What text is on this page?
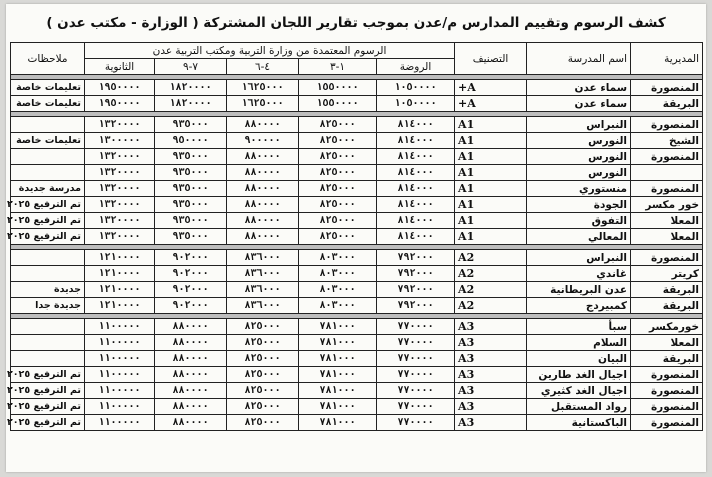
كشف الرسوم وتقييم المدارس م/عدن بموجب تقارير اللجان المشتركة ( الوزارة - مكتب عدن )
المديرية	اسم المدرسة	التصنيف	الرسوم المعتمدة من وزارة التربية ومكتب التربية عدن					ملاحظات
			الروضة	١-٣	٤-٦	٧-٩	الثانوية	

المنصورة	سماء عدن	A+	١٠٥٠٠٠٠	١٥٥٠٠٠٠	١٦٢٥٠٠٠	١٨٢٠٠٠٠	١٩٥٠٠٠٠	تعليمات خاصة
البريقة	سماء عدن	A+	١٠٥٠٠٠٠	١٥٥٠٠٠٠	١٦٢٥٠٠٠	١٨٢٠٠٠٠	١٩٥٠٠٠٠	تعليمات خاصة

المنصورة	النبراس	A1	٨١٤٠٠٠	٨٢٥٠٠٠	٨٨٠٠٠٠	٩٣٥٠٠٠	١٣٢٠٠٠٠	
الشيخ	النورس	A1	٨١٤٠٠٠	٨٢٥٠٠٠	٩٠٠٠٠٠	٩٥٠٠٠٠	١٣٠٠٠٠٠	تعليمات خاصة
المنصورة	النورس	A1	٨١٤٠٠٠	٨٢٥٠٠٠	٨٨٠٠٠٠	٩٣٥٠٠٠	١٣٢٠٠٠٠	
	النورس	A1	٨١٤٠٠٠	٨٢٥٠٠٠	٨٨٠٠٠٠	٩٣٥٠٠٠	١٣٢٠٠٠٠	
المنصورة	منستوري	A1	٨١٤٠٠٠	٨٢٥٠٠٠	٨٨٠٠٠٠	٩٣٥٠٠٠	١٣٢٠٠٠٠	مدرسة جديدة
خور مكسر	الجودة	A1	٨١٤٠٠٠	٨٢٥٠٠٠	٨٨٠٠٠٠	٩٣٥٠٠٠	١٣٢٠٠٠٠	تم الترفيع ٢٠٢٥
المعلا	التفوق	A1	٨١٤٠٠٠	٨٢٥٠٠٠	٨٨٠٠٠٠	٩٣٥٠٠٠	١٣٢٠٠٠٠	تم الترفيع ٢٠٢٥
المعلا	المعالي	A1	٨١٤٠٠٠	٨٢٥٠٠٠	٨٨٠٠٠٠	٩٣٥٠٠٠	١٣٢٠٠٠٠	تم الترفيع ٢٠٢٥

المنصورة	النبراس	A2	٧٩٢٠٠٠	٨٠٣٠٠٠	٨٣٦٠٠٠	٩٠٢٠٠٠	١٢١٠٠٠٠	
كريتر	غاندي	A2	٧٩٢٠٠٠	٨٠٣٠٠٠	٨٣٦٠٠٠	٩٠٢٠٠٠	١٢١٠٠٠٠	
البريقة	عدن البريطانية	A2	٧٩٢٠٠٠	٨٠٣٠٠٠	٨٣٦٠٠٠	٩٠٢٠٠٠	١٢١٠٠٠٠	جديدة
البريقة	كمبيردج	A2	٧٩٢٠٠٠	٨٠٣٠٠٠	٨٣٦٠٠٠	٩٠٢٠٠٠	١٢١٠٠٠٠	جديدة جدا

خورمكسر	سبأ	A3	٧٧٠٠٠٠	٧٨١٠٠٠	٨٢٥٠٠٠	٨٨٠٠٠٠	١١٠٠٠٠٠	
المعلا	السلام	A3	٧٧٠٠٠٠	٧٨١٠٠٠	٨٢٥٠٠٠	٨٨٠٠٠٠	١١٠٠٠٠٠	
البريقة	البيان	A3	٧٧٠٠٠٠	٧٨١٠٠٠	٨٢٥٠٠٠	٨٨٠٠٠٠	١١٠٠٠٠٠	
المنصورة	اجيال الغد طارين	A3	٧٧٠٠٠٠	٧٨١٠٠٠	٨٢٥٠٠٠	٨٨٠٠٠٠	١١٠٠٠٠٠	تم الترفيع ٢٠٢٥
المنصورة	اجيال الغد كثيري	A3	٧٧٠٠٠٠	٧٨١٠٠٠	٨٢٥٠٠٠	٨٨٠٠٠٠	١١٠٠٠٠٠	تم الترفيع ٢٠٢٥
المنصورة	رواد المستقبل	A3	٧٧٠٠٠٠	٧٨١٠٠٠	٨٢٥٠٠٠	٨٨٠٠٠٠	١١٠٠٠٠٠	تم الترفيع ٢٠٢٥
المنصورة	الباكستانية	A3	٧٧٠٠٠٠	٧٨١٠٠٠	٨٢٥٠٠٠	٨٨٠٠٠٠	١١٠٠٠٠٠	تم الترفيع ٢٠٢٥
